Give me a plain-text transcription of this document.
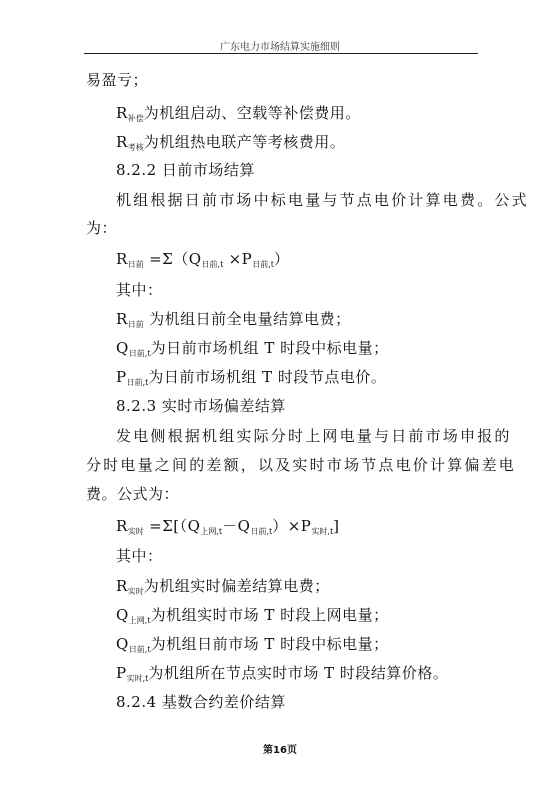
广东电力市场结算实施细则
易盈亏；
$R_{补偿}$为机组启动、空载等补偿费用。
$R_{考核}$为机组热电联产等考核费用。
8.2.2 日前市场结算
机组根据日前市场中标电量与节点电价计算电费。公式
为：
$R_{日前} =\Sigma(Q_{日前,t} \times P_{日前,t})$
其中：
$R_{日前}$ 为机组日前全电量结算电费；
$Q_{日前,t}$为日前市场机组 T 时段中标电量；
$P_{日前,t}$为日前市场机组 T 时段节点电价。
8.2.3 实时市场偏差结算
发电侧根据机组实际分时上网电量与日前市场申报的
分时电量之间的差额，以及实时市场节点电价计算偏差电
费。公式为：
$R_{实时} =\Sigma[(Q_{上网,t}-Q_{日前,t})\times P_{实时,t}]$
其中：
$R_{实时}$为机组实时偏差结算电费；
$Q_{上网,t}$为机组实时市场 T 时段上网电量；
$Q_{日前,t}$为机组日前市场 T 时段中标电量；
$P_{实时,t}$为机组所在节点实时市场 T 时段结算价格。
8.2.4 基数合约差价结算
第16页
